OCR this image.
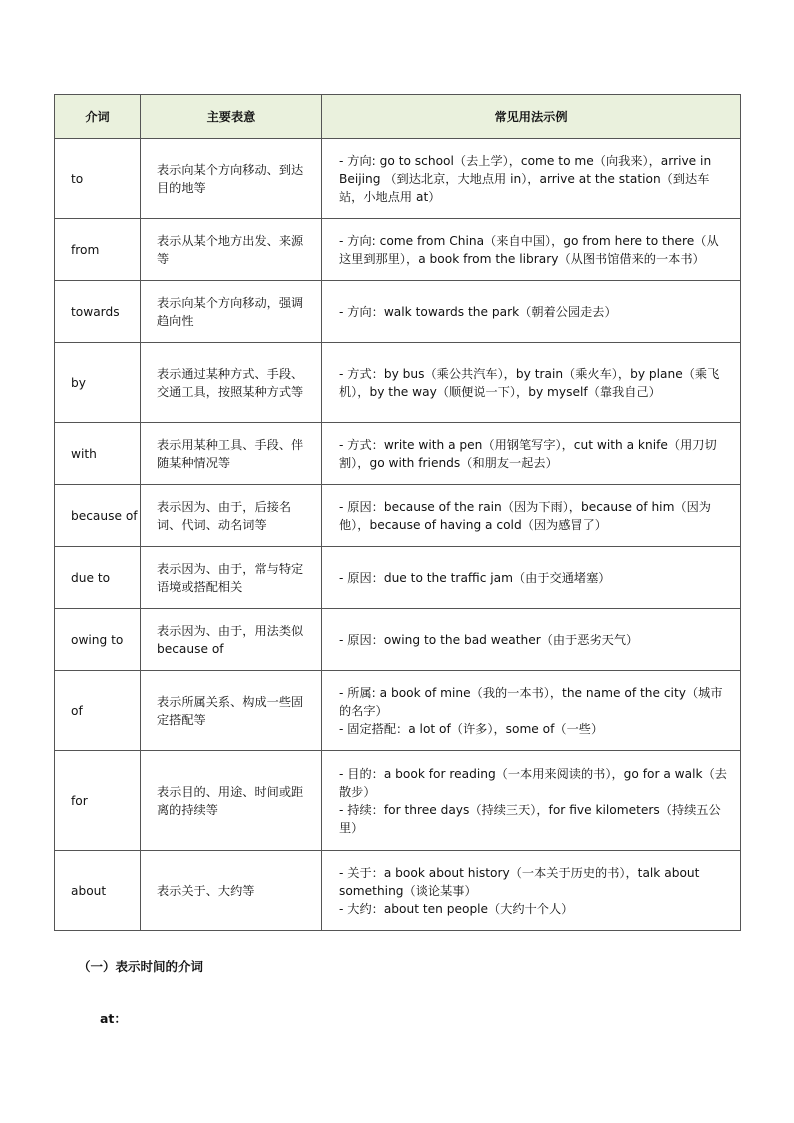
介词	主要表意	常见用法示例
to	表示向某个方向移动、到达目的地等	- 方向: go to school（去上学），come to me（向我来），arrive in Beijing （到达北京，大地点用 in），arrive at the station（到达车站，小地点用 at）

from	表示从某个地方出发、来源等	- 方向: come from China（来自中国），go from here to there（从这里到那里），a book from the library（从图书馆借来的一本书）

towards	表示向某个方向移动，强调趋向性	- 方向：walk towards the park（朝着公园走去）

by	表示通过某种方式、手段、交通工具，按照某种方式等	- 方式：by bus（乘公共汽车），by train（乘火车），by plane（乘飞机），by the way（顺便说一下），by myself（靠我自己）

with	表示用某种工具、手段、伴随某种情况等	- 方式：write with a pen（用钢笔写字），cut with a knife（用刀切割），go with friends（和朋友一起去）

because of	表示因为、由于，后接名词、代词、动名词等	- 原因：because of the rain（因为下雨），because of him（因为他），because of having a cold（因为感冒了）

due to	表示因为、由于，常与特定语境或搭配相关	- 原因：due to the traffic jam（由于交通堵塞）

owing to	表示因为、由于，用法类似 because of	- 原因：owing to the bad weather（由于恶劣天气）

of	表示所属关系、构成一些固定搭配等	- 所属: a book of mine（我的一本书），the name of the city（城市的名字）
- 固定搭配：a lot of（许多），some of（一些）

for	表示目的、用途、时间或距离的持续等	- 目的：a book for reading（一本用来阅读的书），go for a walk（去散步）
- 持续：for three days（持续三天），for five kilometers（持续五公里）

about	表示关于、大约等	- 关于：a book about history（一本关于历史的书），talk about something（谈论某事）
- 大约：about ten people（大约十个人）
（一）表示时间的介词
at：
